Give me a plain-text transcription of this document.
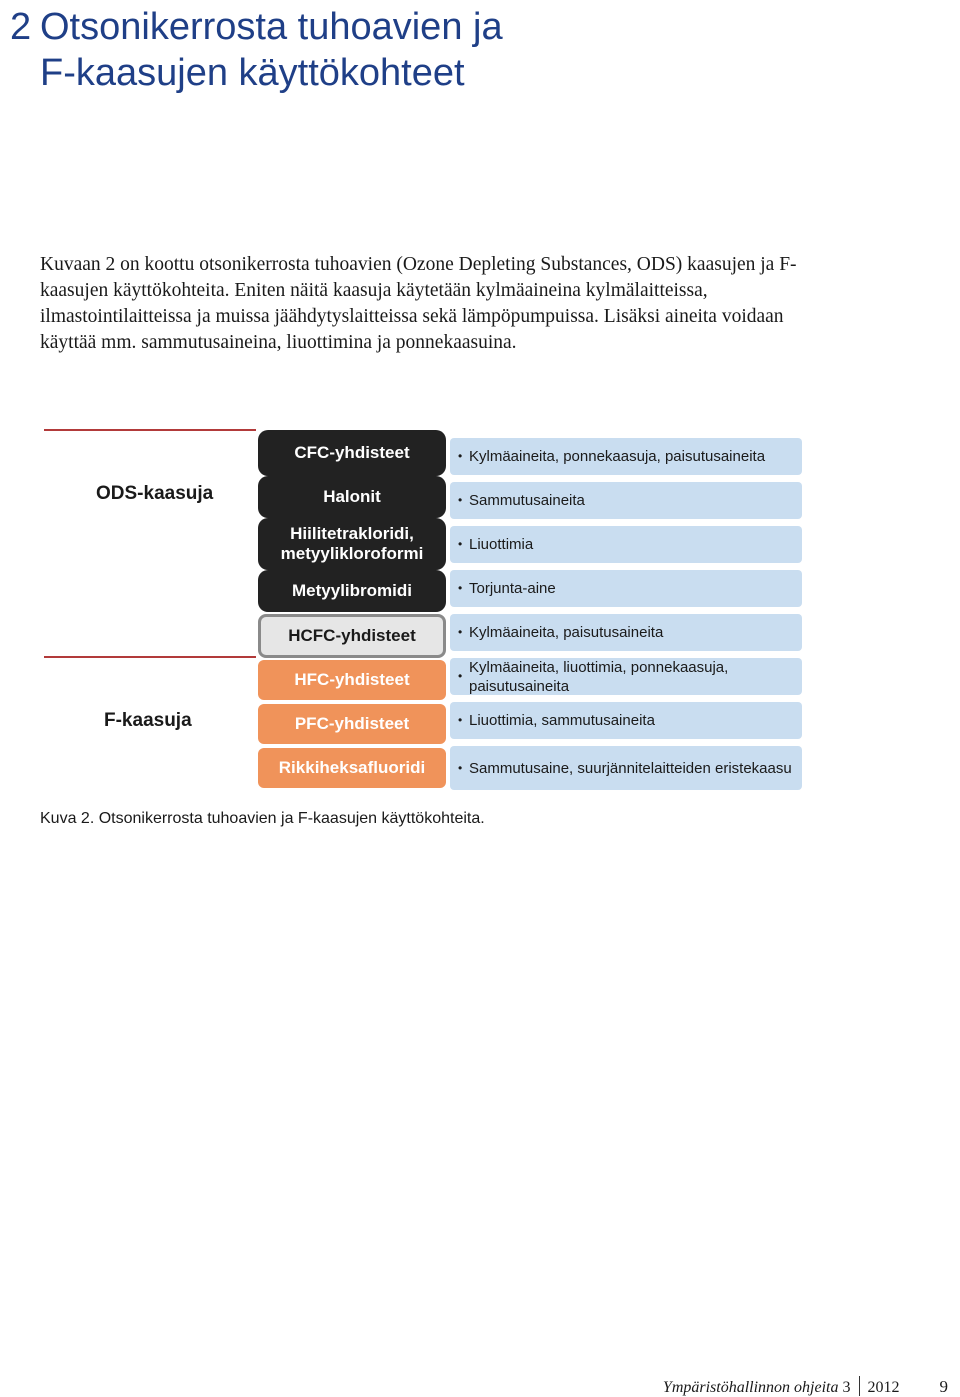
2 Otsonikerrosta tuhoavien ja
F-kaasujen käyttökohteet

Kuvaan 2 on koottu otsonikerrosta tuhoavien (Ozone Depleting Substances, ODS) kaasujen ja F-kaasujen käyttökohteita. Eniten näitä kaasuja käytetään kylmäaineina kylmälaitteissa, ilmastointilaitteissa ja muissa jäähdytyslaitteissa sekä lämpöpumpuissa. Lisäksi aineita voidaan käyttää mm. sammutusaineina, liuottimina ja ponnekaasuina.

ODS-kaasuja
F-kaasuja
CFC-yhdisteet
Halonit
Hiilitetrakloridi, metyylikloroformi
Metyylibromidi
HCFC-yhdisteet
HFC-yhdisteet
PFC-yhdisteet
Rikkiheksafluoridi
• Kylmäaineita, ponnekaasuja, paisutusaineita
• Sammutusaineita
• Liuottimia
• Torjunta-aine
• Kylmäaineita, paisutusaineita
•
Kylmäaineita, liuottimia, ponnekaasuja, paisutusaineita
• Liuottimia, sammutusaineita
• Sammutusaine, suurjännitelaitteiden eristekaasu

Kuva 2. Otsonikerrosta tuhoavien ja F-kaasujen käyttökohteita.

Ympäristöhallinnon ohjeita
3 2012 9
